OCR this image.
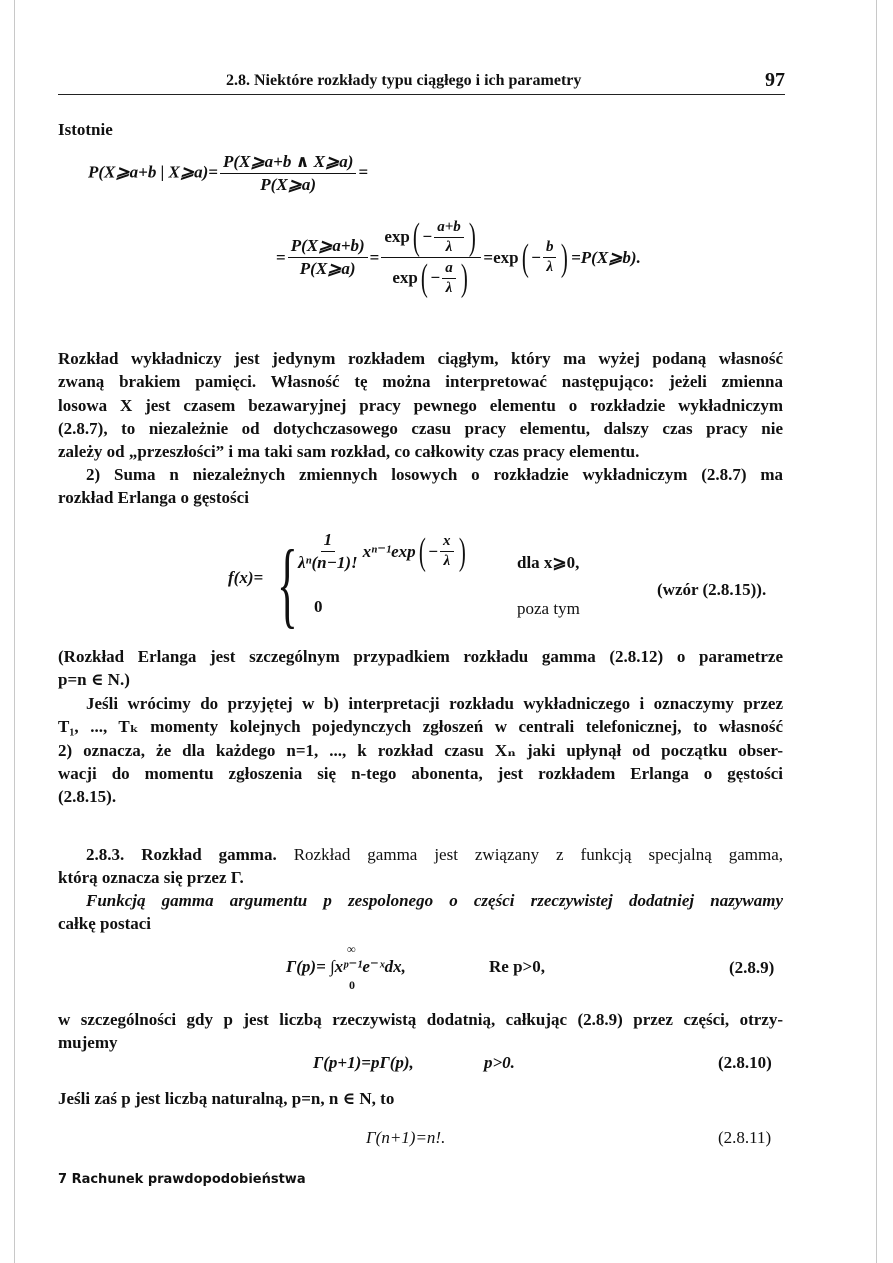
2.8. Niektóre rozkłady typu ciągłego i ich parametry	97
Istotnie
P(X⩾a+b | X⩾a)= $\frac{P(X⩾a+b \wedge X⩾a)}{P(X⩾a)}$ =
= $\frac{P(X⩾a+b)}{P(X⩾a)} = \frac{\exp ( - \frac{a+b}{\lambda} )}{\exp ( - \frac{a}{\lambda} )} =\exp$ ( − $\frac{b}{\lambda}$ ) =P(X⩾b).
Rozkład wykładniczy jest jedynym rozkładem ciągłym, który ma wyżej podaną własność
zwaną brakiem pamięci. Własność tę można interpretować następująco: jeżeli zmienna
losowa X jest czasem bezawaryjnej pracy pewnego elementu o rozkładzie wykładniczym
(2.8.7), to niezależnie od dotychczasowego czasu pracy elementu, dalszy czas pracy nie
zależy od „przeszłości” i ma taki sam rozkład, co całkowity czas pracy elementu.
2) Suma n niezależnych zmiennych losowych o rozkładzie wykładniczym (2.8.7) ma
rozkład Erlanga o gęstości
f(x)= {
$\frac{1}{\text{λⁿ(n−1)!}} x^{n-1}\exp$ ( − $\frac{x}{\lambda}$ )	dla x⩾0,
0	poza tym
(wzór (2.8.15)).
(Rozkład Erlanga jest szczególnym przypadkiem rozkładu gamma (2.8.12) o parametrze
p=n ∈ N.)
Jeśli wrócimy do przyjętej w b) interpretacji rozkładu wykładniczego i oznaczymy przez
T₁, ..., Tₖ momenty kolejnych pojedynczych zgłoszeń w centrali telefonicznej, to własność
2) oznacza, że dla każdego n=1, ..., k rozkład czasu Xₙ jaki upłynął od początku obser-
wacji do momentu zgłoszenia się n-tego abonenta, jest rozkładem Erlanga o gęstości
(2.8.15).
2.8.3. Rozkład gamma. Rozkład gamma jest związany z funkcją specjalną gamma,
którą oznacza się przez Γ.
Funkcją gamma argumentu p zespolonego o części rzeczywistej dodatniej nazywamy
całkę postaci
∞
0
Γ(p)= ∫xᵖ⁻¹e⁻ˣdx,	Re p>0,	(2.8.9)
w szczególności gdy p jest liczbą rzeczywistą dodatnią, całkując (2.8.9) przez części, otrzy-
mujemy
Γ(p+1)=pΓ(p),	p>0.	(2.8.10)
Jeśli zaś p jest liczbą naturalną, p=n, n ∈ N, to
Γ(n+1)=n!.	(2.8.11)
7 Rachunek prawdopodobieństwa
